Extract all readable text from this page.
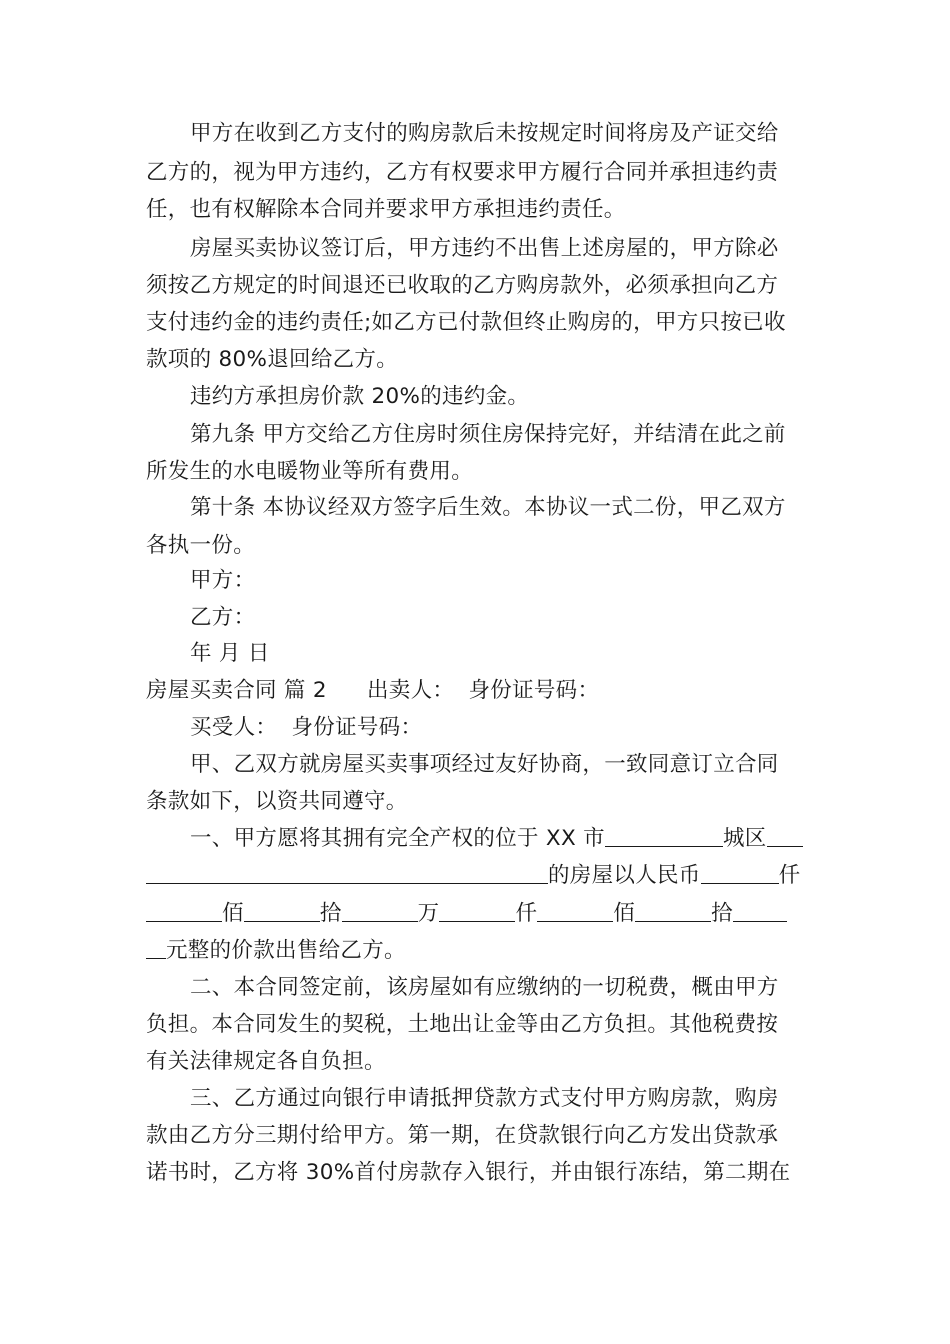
甲方在收到乙方支付的购房款后未按规定时间将房及产证交给
乙方的，视为甲方违约，乙方有权要求甲方履行合同并承担违约责
任，也有权解除本合同并要求甲方承担违约责任。
房屋买卖协议签订后，甲方违约不出售上述房屋的，甲方除必
须按乙方规定的时间退还已收取的乙方购房款外，必须承担向乙方
支付违约金的违约责任;如乙方已付款但终止购房的，甲方只按已收
款项的 80%退回给乙方。
违约方承担房价款 20%的违约金。
第九条 甲方交给乙方住房时须住房保持完好，并结清在此之前
所发生的水电暖物业等所有费用。
第十条 本协议经双方签字后生效。本协议一式二份，甲乙双方
各执一份。
甲方：
乙方：
年 月 日
房屋买卖合同 篇 2 出卖人：  身份证号码：
买受人：  身份证号码：
甲、乙双方就房屋买卖事项经过友好协商，一致同意订立合同
条款如下，以资共同遵守。
一、甲方愿将其拥有完全产权的位于 XX 市	城区
的房屋以人民币	仟
佰	拾	万	仟	佰	拾
元整的价款出售给乙方。
二、本合同签定前，该房屋如有应缴纳的一切税费，概由甲方
负担。本合同发生的契税，土地出让金等由乙方负担。其他税费按
有关法律规定各自负担。
三、乙方通过向银行申请抵押贷款方式支付甲方购房款，购房
款由乙方分三期付给甲方。第一期，在贷款银行向乙方发出贷款承
诺书时，乙方将 30%首付房款存入银行，并由银行冻结，第二期在
